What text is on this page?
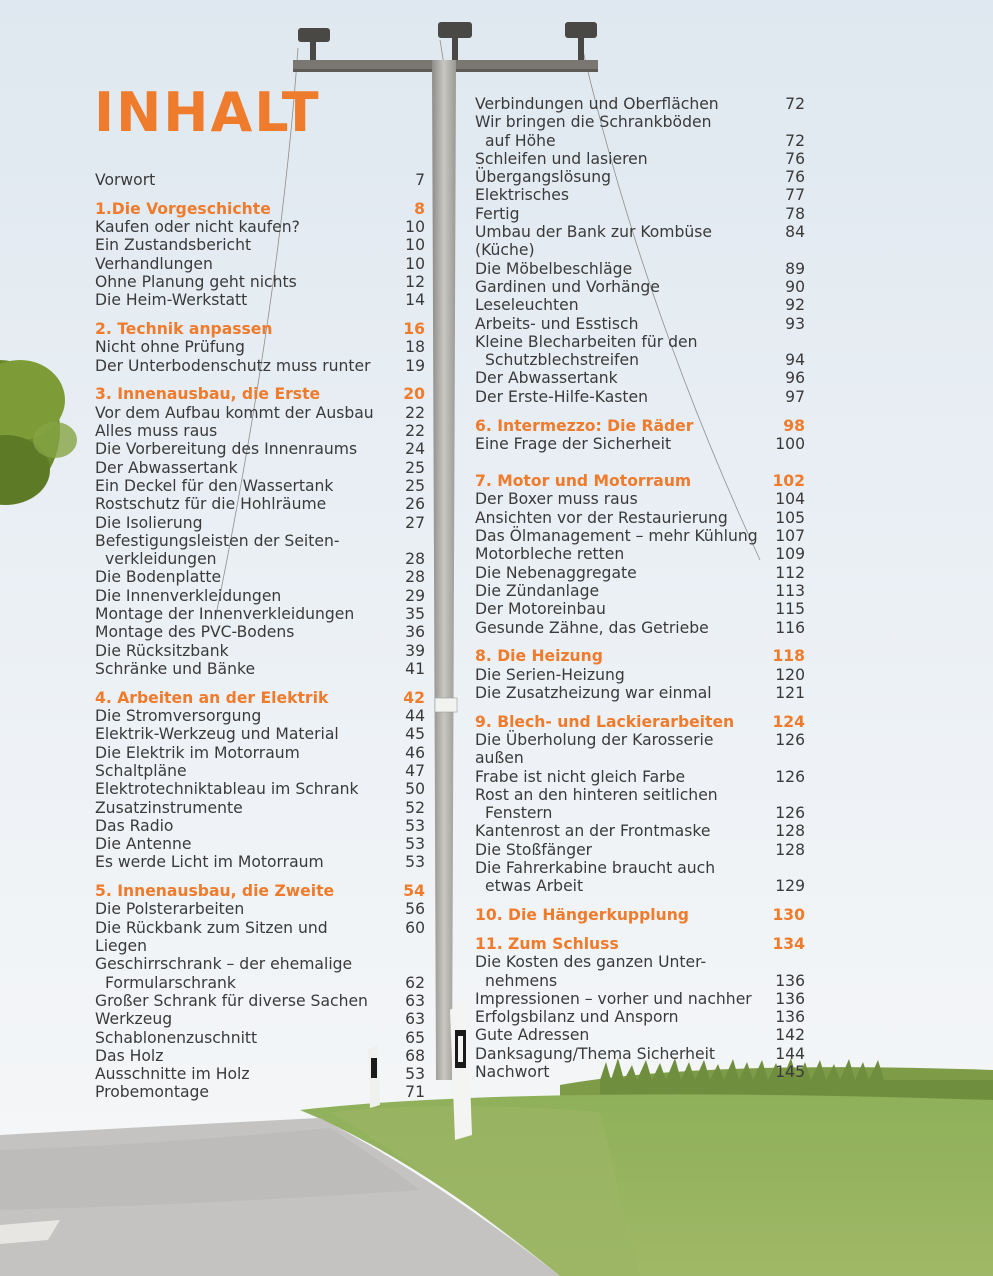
INHALT
Vorwort	7
1.Die Vorgeschichte	8
Kaufen oder nicht kaufen?	10
Ein Zustandsbericht	10
Verhandlungen	10
Ohne Planung geht nichts	12
Die Heim-Werkstatt	14
2. Technik anpassen	16
Nicht ohne Prüfung	18
Der Unterbodenschutz muss runter 19
3. Innenausbau, die Erste	20
Vor dem Aufbau kommt der Ausbau 22
Alles muss raus	22
Die Vorbereitung des Innenraums	24
Der Abwassertank	25
Ein Deckel für den Wassertank	25
Rostschutz für die Hohlräume	26
Die Isolierung	27
Befestigungsleisten der Seiten-
verkleidungen	28
Die Bodenplatte	28
Die Innenverkleidungen	29
Montage der Innenverkleidungen	35
Montage des PVC-Bodens	36
Die Rücksitzbank	39
Schränke und Bänke	41
4. Arbeiten an der Elektrik	42
Die Stromversorgung	44
Elektrik-Werkzeug und Material	45
Die Elektrik im Motorraum	46
Schaltpläne	47
Elektrotechniktableau im Schrank	50
Zusatzinstrumente	52
Das Radio	53
Die Antenne	53
Es werde Licht im Motorraum	53
5. Innenausbau, die Zweite	54
Die Polsterarbeiten	56
Die Rückbank zum Sitzen und Liegen
60
Geschirrschrank – der ehemalige
Formularschrank	62
Großer Schrank für diverse Sachen 63
Werkzeug	63
Schablonenzuschnitt	65
Das Holz	68
Ausschnitte im Holz	53
Probemontage	71
Verbindungen und Oberflächen	72
Wir bringen die Schrankböden
auf Höhe	72
Schleifen und lasieren	76
Übergangslösung	76
Elektrisches	77
Fertig	78
Umbau der Bank zur Kombüse (Küche)
84
Die Möbelbeschläge	89
Gardinen und Vorhänge	90
Leseleuchten	92
Arbeits- und Esstisch	93
Kleine Blecharbeiten für den
Schutzblechstreifen	94
Der Abwassertank	96
Der Erste-Hilfe-Kasten	97
6. Intermezzo: Die Räder	98
Eine Frage der Sicherheit	100
7. Motor und Motorraum	102
Der Boxer muss raus	104
Ansichten vor der Restaurierung	105
Das Ölmanagement – mehr Kühlung 107
Motorbleche retten	109
Die Nebenaggregate	112
Die Zündanlage	113
Der Motoreinbau	115
Gesunde Zähne, das Getriebe	116
8. Die Heizung	118
Die Serien-Heizung	120
Die Zusatzheizung war einmal	121
9. Blech- und Lackierarbeiten 124
Die Überholung der Karosserie außen
126
Frabe ist nicht gleich Farbe	126
Rost an den hinteren seitlichen
Fenstern	126
Kantenrost an der Frontmaske	128
Die Stoßfänger	128
Die Fahrerkabine braucht auch
etwas Arbeit	129
10. Die Hängerkupplung	130
11. Zum Schluss	134
Die Kosten des ganzen Unter-
nehmens	136
Impressionen – vorher und nachher 136
Erfolgsbilanz und Ansporn	136
Gute Adressen	142
Danksagung/Thema Sicherheit	144
Nachwort	145
